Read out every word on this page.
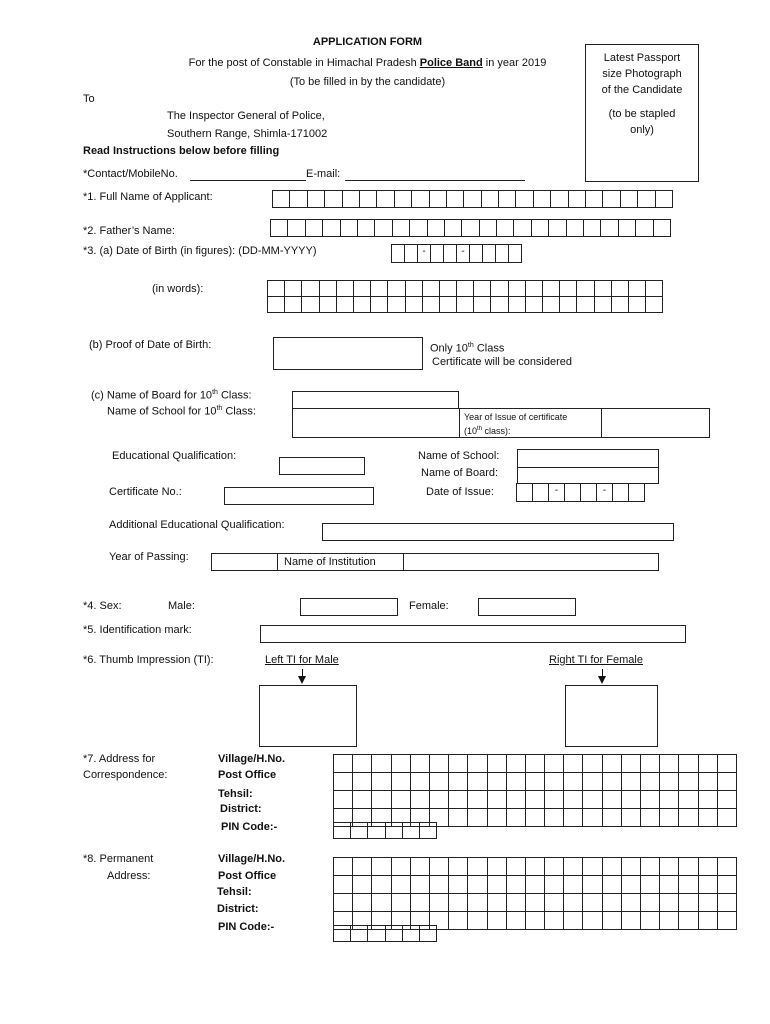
APPLICATION FORM
For the post of Constable in Himachal Pradesh Police Band in year 2019
(To be filled in by the candidate)
Latest Passport
size Photograph
of the Candidate
(to be stapled
only)
To
The Inspector General of Police,
Southern Range, Shimla-171002
Read Instructions below before filling
*Contact/MobileNo.	E-mail:
*1. Full Name of Applicant:
*2. Father’s Name:
*3. (a) Date of Birth (in figures): (DD-MM-YYYY)	-	-
(in words):
(b) Proof of Date of Birth:	Only 10th Class
Certificate will be considered
(c) Name of Board for 10th Class:
Name of School for 10th Class:	Year of Issue of certificate
(10th class):
Educational Qualification:	Name of School:
Name of Board:
Certificate No.:	Date of Issue:	-	-
Additional Educational Qualification:
Year of Passing:	Name of Institution
*4. Sex:	Male:	Female:
*5. Identification mark:
*6. Thumb Impression (TI):	Left TI for Male	Right TI for Female
*7. Address for
Correspondence:
Village/H.No.
Post Office
Tehsil:
District:
PIN Code:-

*8. Permanent
Address:
Village/H.No.
Post Office
Tehsil:
District:
PIN Code:-
